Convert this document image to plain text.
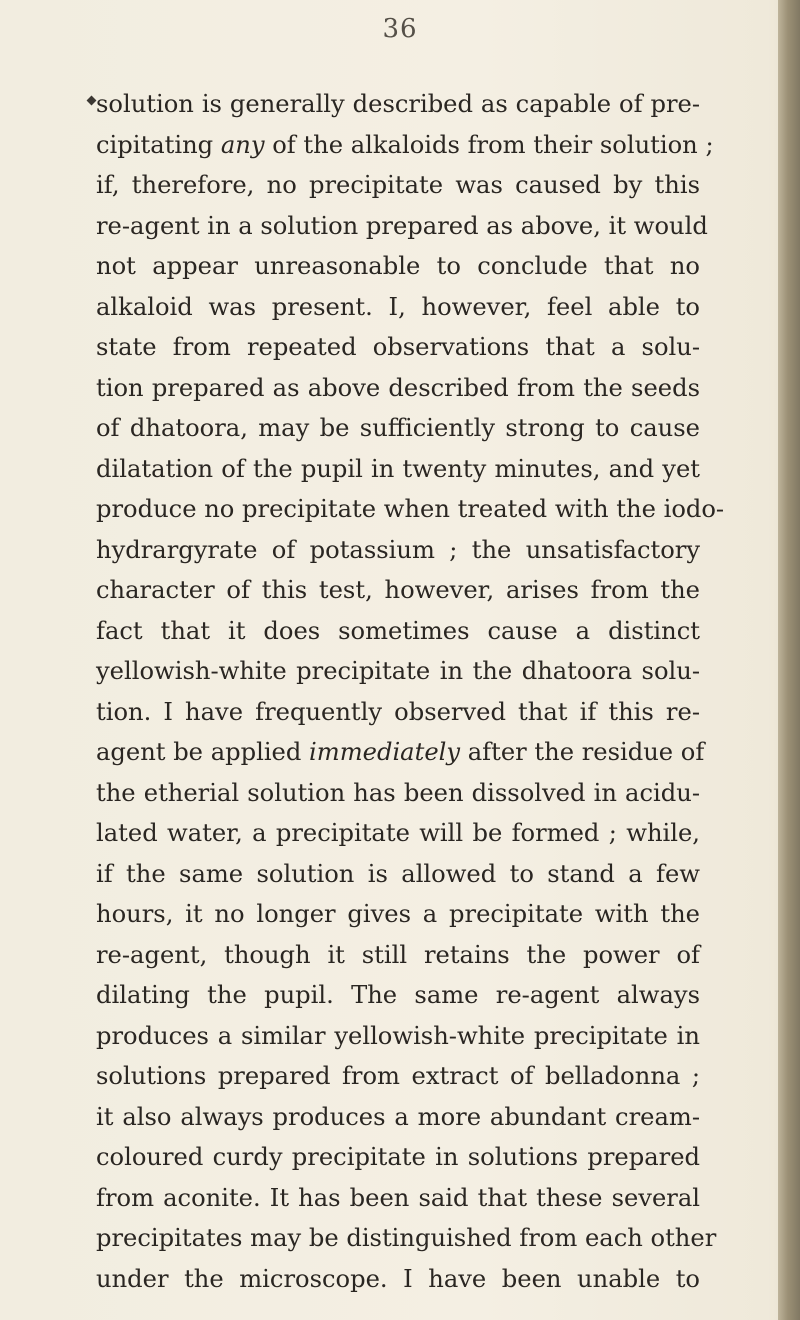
36
solution is generally described as capable of pre-
cipitating any of the alkaloids from their solution ;
if, therefore, no precipitate was caused by this
re-agent in a solution prepared as above, it would
not appear unreasonable to conclude that no
alkaloid was present. I, however, feel able to
state from repeated observations that a solu-
tion prepared as above described from the seeds
of dhatoora, may be sufficiently strong to cause
dilatation of the pupil in twenty minutes, and yet
produce no precipitate when treated with the iodo-
hydrargyrate of potassium ; the unsatisfactory
character of this test, however, arises from the
fact that it does sometimes cause a distinct
yellowish-white precipitate in the dhatoora solu-
tion. I have frequently observed that if this re-
agent be applied immediately after the residue of
the etherial solution has been dissolved in acidu-
lated water, a precipitate will be formed ; while,
if the same solution is allowed to stand a few
hours, it no longer gives a precipitate with the
re-agent, though it still retains the power of
dilating the pupil. The same re-agent always
produces a similar yellowish-white precipitate in
solutions prepared from extract of belladonna ;
it also always produces a more abundant cream-
coloured curdy precipitate in solutions prepared
from aconite. It has been said that these several
precipitates may be distinguished from each other
under the microscope. I have been unable to
